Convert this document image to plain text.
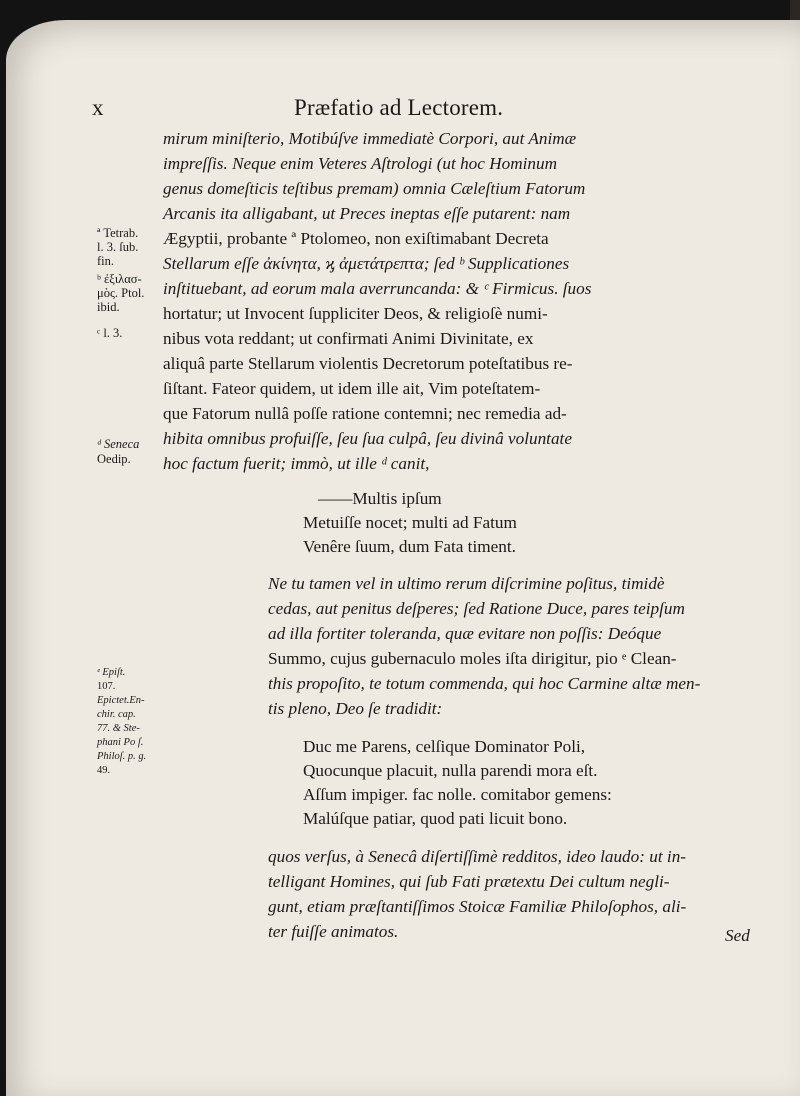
x	Præfatio ad Lectorem.
mirum miniſterio, Motibúſve immediatè Corpori, aut Animæ
impreſſis. Neque enim Veteres Aſtrologi (ut hoc Hominum
genus domeſticis teſtibus premam) omnia Cæleſtium Fatorum
Arcanis ita alligabant, ut Preces ineptas eſſe putarent: nam
Ægyptii, probante ª Ptolomeo, non exiſtimabant Decreta
Stellarum eſſe ἀκίνητα, ϗ ἀμετάτρεπτα; ſed ᵇ Supplicationes
inſtituebant, ad eorum mala averruncanda: & ᶜ Firmicus. ſuos
hortatur; ut Invocent ſuppliciter Deos, & religioſè numi-
nibus vota reddant; ut confirmati Animi Divinitate, ex
aliquâ parte Stellarum violentis Decretorum poteſtatibus re-
ſiſtant. Fateor quidem, ut idem ille ait, Vim poteſtatem-
que Fatorum nullâ poſſe ratione contemni; nec remedia ad-
hibita omnibus profuiſſe, ſeu ſua culpâ, ſeu divinâ voluntate
hoc factum fuerit; immò, ut ille ᵈ canit,
——Multis ipſum
Metuiſſe nocet; multi ad Fatum
Venêre ſuum, dum Fata timent.
Ne tu tamen vel in ultimo rerum diſcrimine poſitus, timidè
cedas, aut penitus deſperes; ſed Ratione Duce, pares teipſum
ad illa fortiter toleranda, quæ evitare non poſſis: Deóque
Summo, cujus gubernaculo moles iſta dirigitur, pio ᵉ Clean-
this propoſito, te totum commenda, qui hoc Carmine altæ men-
tis pleno, Deo ſe tradidit:
Duc me Parens, celſique Dominator Poli,
Quocunque placuit, nulla parendi mora eſt.
Aſſum impiger. fac nolle. comitabor gemens:
Malúſque patiar, quod pati licuit bono.
quos verſus, à Senecâ diſertiſſimè redditos, ideo laudo: ut in-
telligant Homines, qui ſub Fati prætextu Dei cultum negli-
gunt, etiam præſtantiſſimos Stoicæ Familiæ Philoſophos, ali-
ter fuiſſe animatos.	Sed
ª Tetrab.
l. 3. ſub.
fin.
ᵇ ἐξιλασ-
μὸς. Ptol.
ibid.
ᶜ l. 3.
ᵈ Seneca
Oedip.
ᵉ Epiſt.
107.
Epictet.En-
chir. cap.
77. & Ste-
phani Po ſ.
Philoſ. p. g.
49.
